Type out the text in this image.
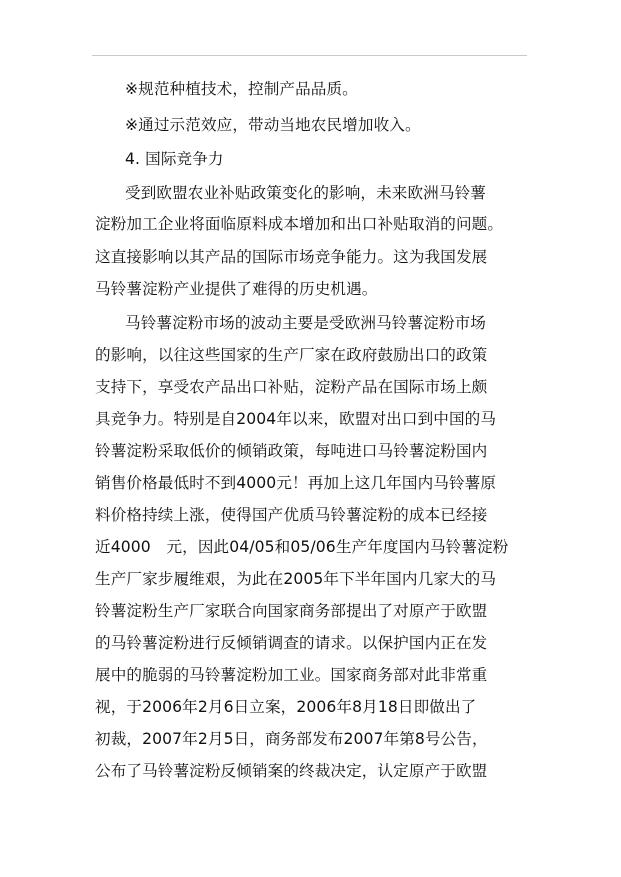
※规范种植技术，控制产品品质。
※通过示范效应，带动当地农民增加收入。
4. 国际竞争力
受到欧盟农业补贴政策变化的影响，未来欧洲马铃薯
淀粉加工企业将面临原料成本增加和出口补贴取消的问题。
这直接影响以其产品的国际市场竞争能力。这为我国发展
马铃薯淀粉产业提供了难得的历史机遇。
马铃薯淀粉市场的波动主要是受欧洲马铃薯淀粉市场
的影响，以往这些国家的生产厂家在政府鼓励出口的政策
支持下，享受农产品出口补贴，淀粉产品在国际市场上颇
具竞争力。特别是自2004年以来，欧盟对出口到中国的马
铃薯淀粉采取低价的倾销政策，每吨进口马铃薯淀粉国内
销售价格最低时不到4000元！再加上这几年国内马铃薯原
料价格持续上涨，使得国产优质马铃薯淀粉的成本已经接
近4000　元，因此04/05和05/06生产年度国内马铃薯淀粉
生产厂家步履维艰，为此在2005年下半年国内几家大的马
铃薯淀粉生产厂家联合向国家商务部提出了对原产于欧盟
的马铃薯淀粉进行反倾销调查的请求。以保护国内正在发
展中的脆弱的马铃薯淀粉加工业。国家商务部对此非常重
视，于2006年2月6日立案，2006年8月18日即做出了
初裁，2007年2月5日，商务部发布2007年第8号公告，
公布了马铃薯淀粉反倾销案的终裁决定，认定原产于欧盟
